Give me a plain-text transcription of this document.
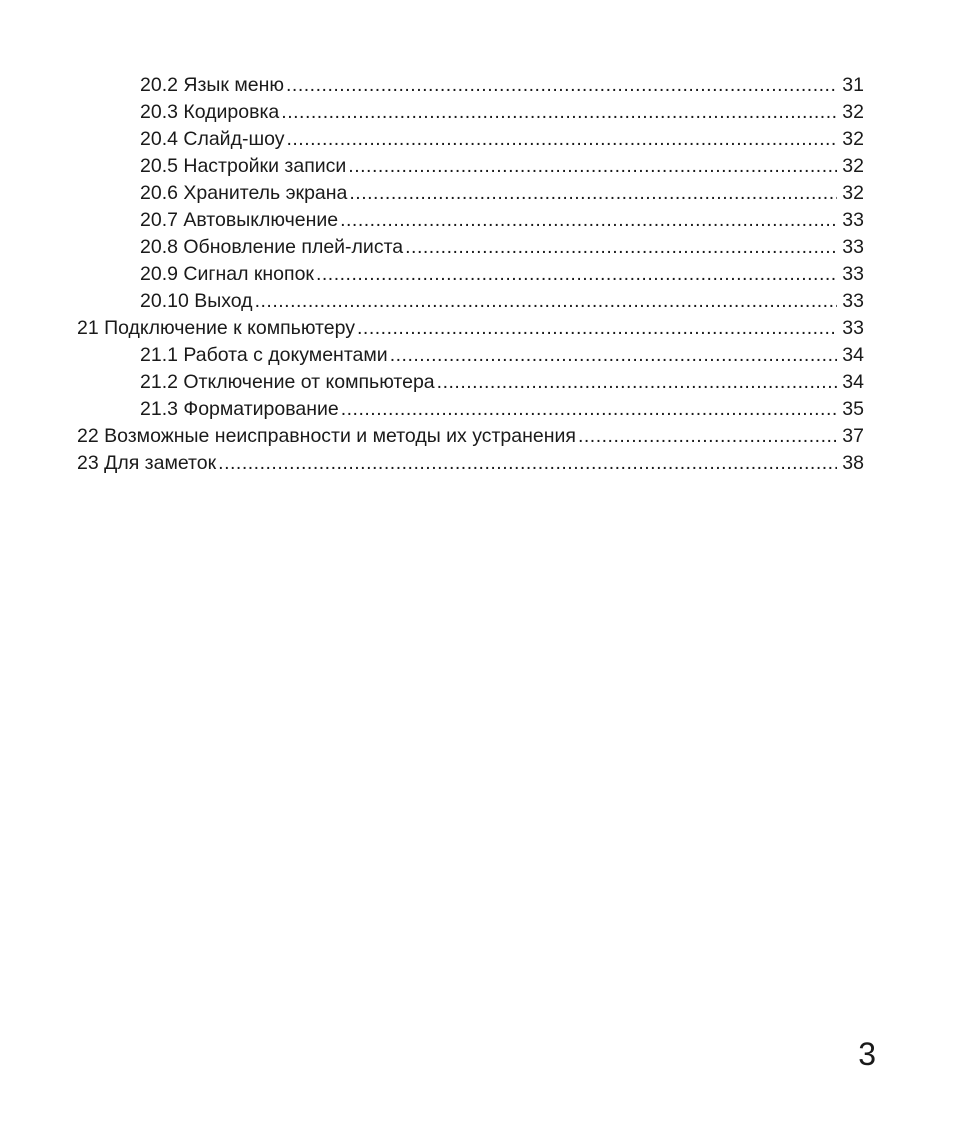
20.2 Язык меню .....	31
20.3 Кодировка .....	32
20.4 Слайд-шоу .....	32
20.5 Настройки записи .....	32
20.6 Хранитель экрана .....	32
20.7 Автовыключение .....	33
20.8 Обновление плей-листа .....	33
20.9 Сигнал кнопок .....	33
20.10 Выход .....	33
21 Подключение к компьютеру .....	33
21.1 Работа с документами .....	34
21.2 Отключение от компьютера .....	34
21.3 Форматирование .....	35
22 Возможные неисправности и методы их устранения .....	37
23 Для заметок .....	38
3
